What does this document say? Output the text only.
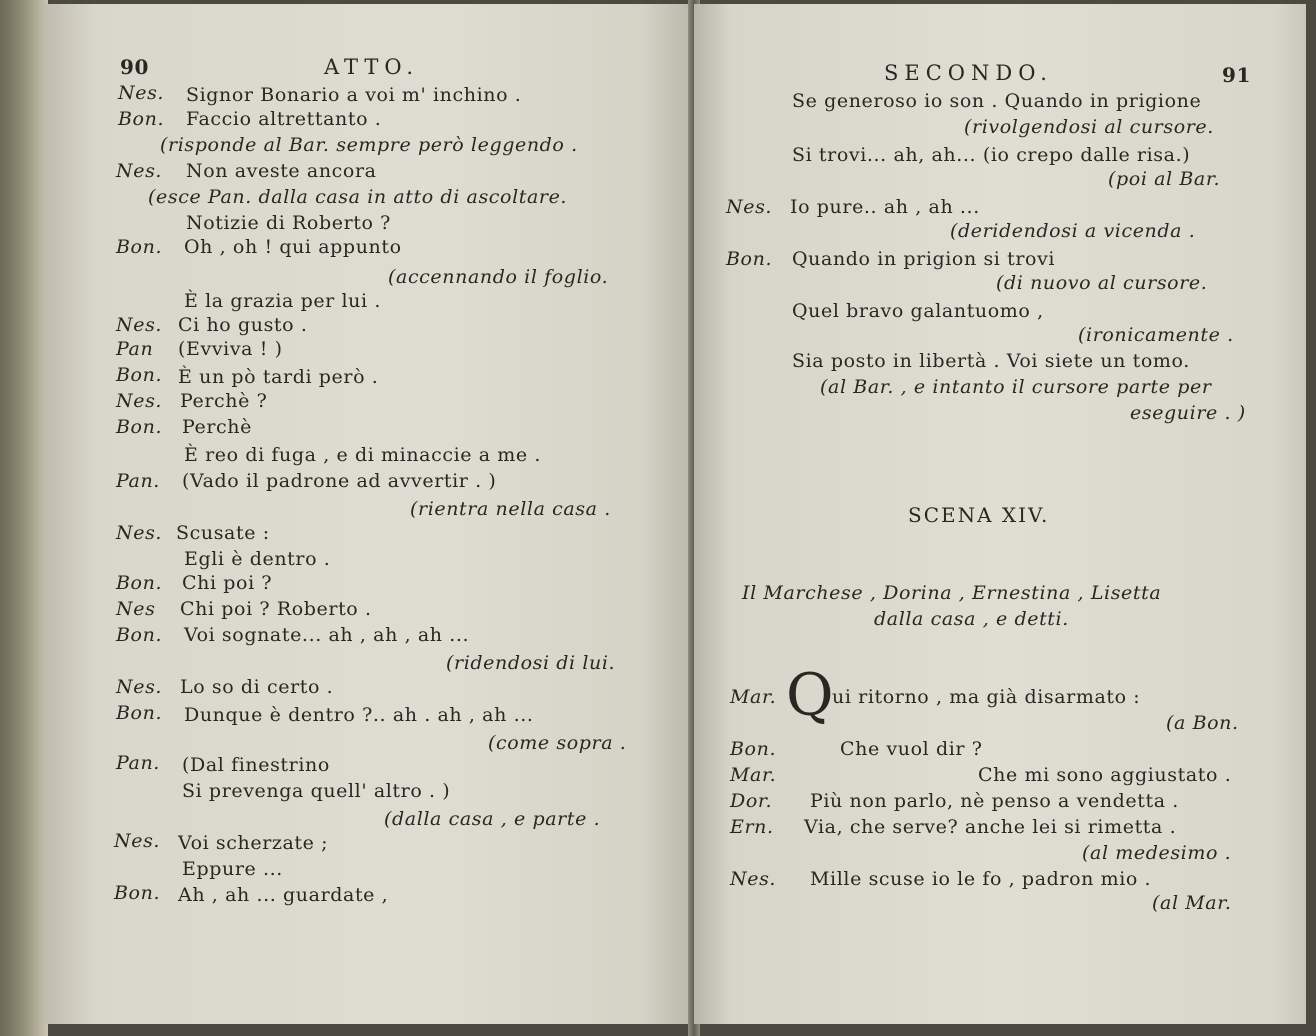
90	ATTO.
Nes. Signor Bonario a voi m' inchino .
Bon. Faccio altrettanto .
(risponde al Bar. sempre però leggendo .
Nes. Non aveste ancora
(esce Pan. dalla casa in atto di ascoltare.
Notizie di Roberto ?
Bon. Oh , oh ! qui appunto
(accennando il foglio.
È la grazia per lui .
Nes. Ci ho gusto .
Pan (Evviva ! )
Bon. È un pò tardi però .
Nes. Perchè ?
Bon. Perchè
È reo di fuga , e di minaccie a me .
Pan. (Vado il padrone ad avvertir . )
(rientra nella casa .
Nes. Scusate :
Egli è dentro .
Bon. Chi poi ?
Nes Chi poi ? Roberto .
Bon. Voi sognate... ah , ah , ah ...
(ridendosi di lui.
Nes. Lo so di certo .
Bon. Dunque è dentro ?.. ah . ah , ah ...
(come sopra .
Pan. (Dal finestrino
Si prevenga quell' altro . )
(dalla casa , e parte .
Nes. Voi scherzate ;
Eppure ...
Bon. Ah , ah ... guardate ,
SECONDO.	91
Se generoso io son . Quando in prigione
(rivolgendosi al cursore.
Si trovi... ah, ah... (io crepo dalle risa.)
(poi al Bar.
Nes. Io pure.. ah , ah ...
(deridendosi a vicenda .
Bon. Quando in prigion si trovi
(di nuovo al cursore.
Quel bravo galantuomo ,
(ironicamente .
Sia posto in libertà . Voi siete un tomo.
(al Bar. , e intanto il cursore parte per
eseguire . )
SCENA XIV.
Il Marchese , Dorina , Ernestina , Lisetta
dalla casa , e detti.
Mar. Q
ui ritorno , ma già disarmato :
(a Bon.
Bon.	Che vuol dir ?
Mar.	Che mi sono aggiustato .
Dor. Più non parlo, nè penso a vendetta .
Ern. Via, che serve? anche lei si rimetta .
(al medesimo .
Nes. Mille scuse io le fo , padron mio .
(al Mar.
